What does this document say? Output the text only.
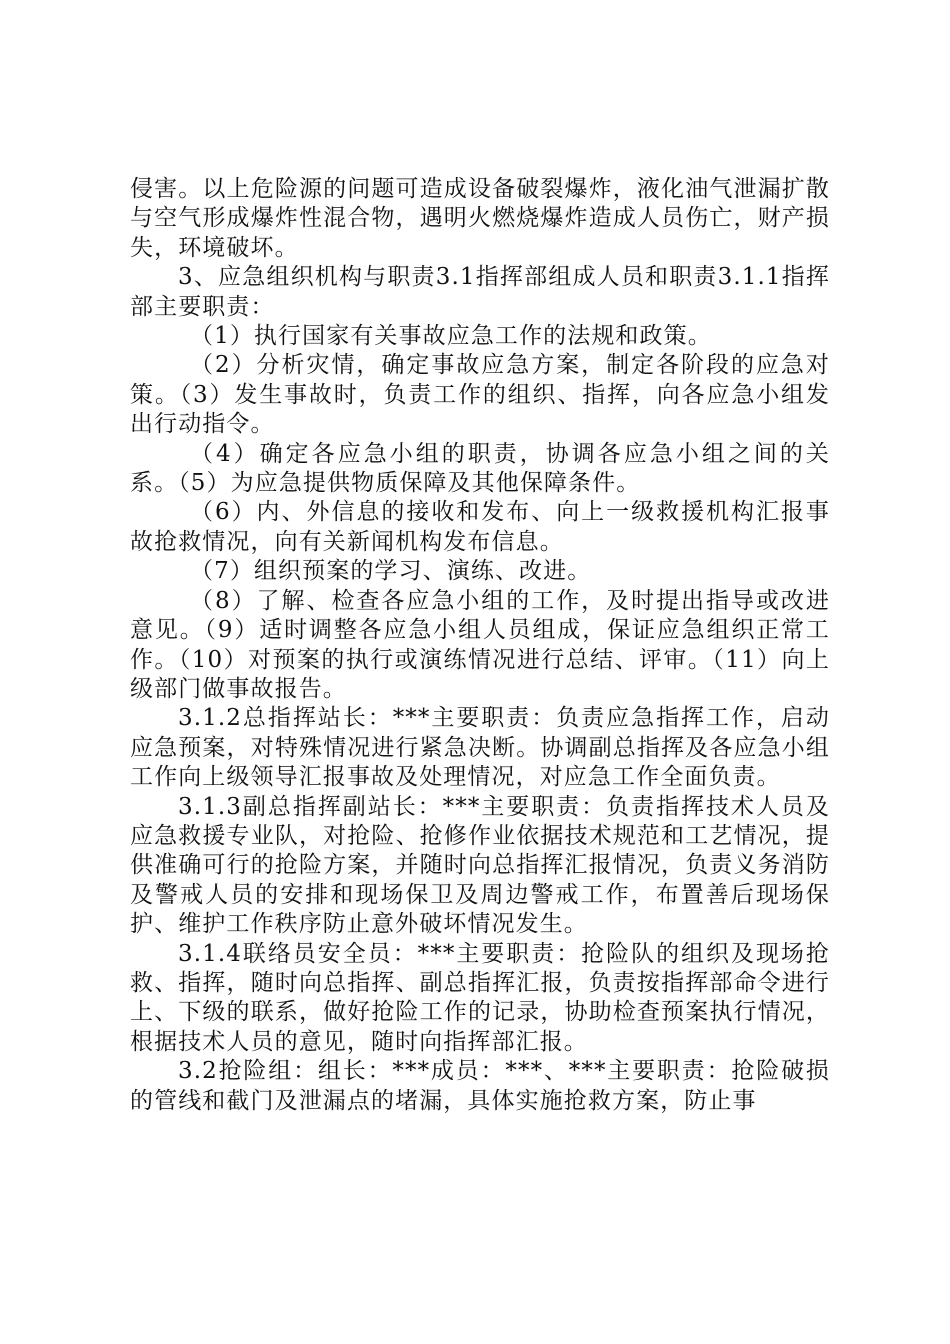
侵害。以上危险源的问题可造成设备破裂爆炸，液化油气泄漏扩散与空气形成爆炸性混合物，遇明火燃烧爆炸造成人员伤亡，财产损失，环境破坏。

3、应急组织机构与职责3.1指挥部组成人员和职责3.1.1指挥部主要职责：

（1）执行国家有关事故应急工作的法规和政策。

（2）分析灾情，确定事故应急方案，制定各阶段的应急对策。（3）发生事故时，负责工作的组织、指挥，向各应急小组发出行动指令。

（4）确定各应急小组的职责，协调各应急小组之间的关系。（5）为应急提供物质保障及其他保障条件。

（6）内、外信息的接收和发布、向上一级救援机构汇报事故抢救情况，向有关新闻机构发布信息。

（7）组织预案的学习、演练、改进。

（8）了解、检查各应急小组的工作，及时提出指导或改进意见。（9）适时调整各应急小组人员组成，保证应急组织正常工作。（10）对预案的执行或演练情况进行总结、评审。（11）向上级部门做事故报告。

3.1.2总指挥站长：***主要职责：负责应急指挥工作，启动应急预案，对特殊情况进行紧急决断。协调副总指挥及各应急小组工作向上级领导汇报事故及处理情况，对应急工作全面负责。

3.1.3副总指挥副站长：***主要职责：负责指挥技术人员及应急救援专业队，对抢险、抢修作业依据技术规范和工艺情况，提供准确可行的抢险方案，并随时向总指挥汇报情况，负责义务消防及警戒人员的安排和现场保卫及周边警戒工作，布置善后现场保护、维护工作秩序防止意外破坏情况发生。

3.1.4联络员安全员：***主要职责：抢险队的组织及现场抢救、指挥，随时向总指挥、副总指挥汇报，负责按指挥部命令进行上、下级的联系，做好抢险工作的记录，协助检查预案执行情况，根据技术人员的意见，随时向指挥部汇报。

3.2抢险组：组长：***成员：***、***主要职责：抢险破损的管线和截门及泄漏点的堵漏，具体实施抢救方案，防止事
